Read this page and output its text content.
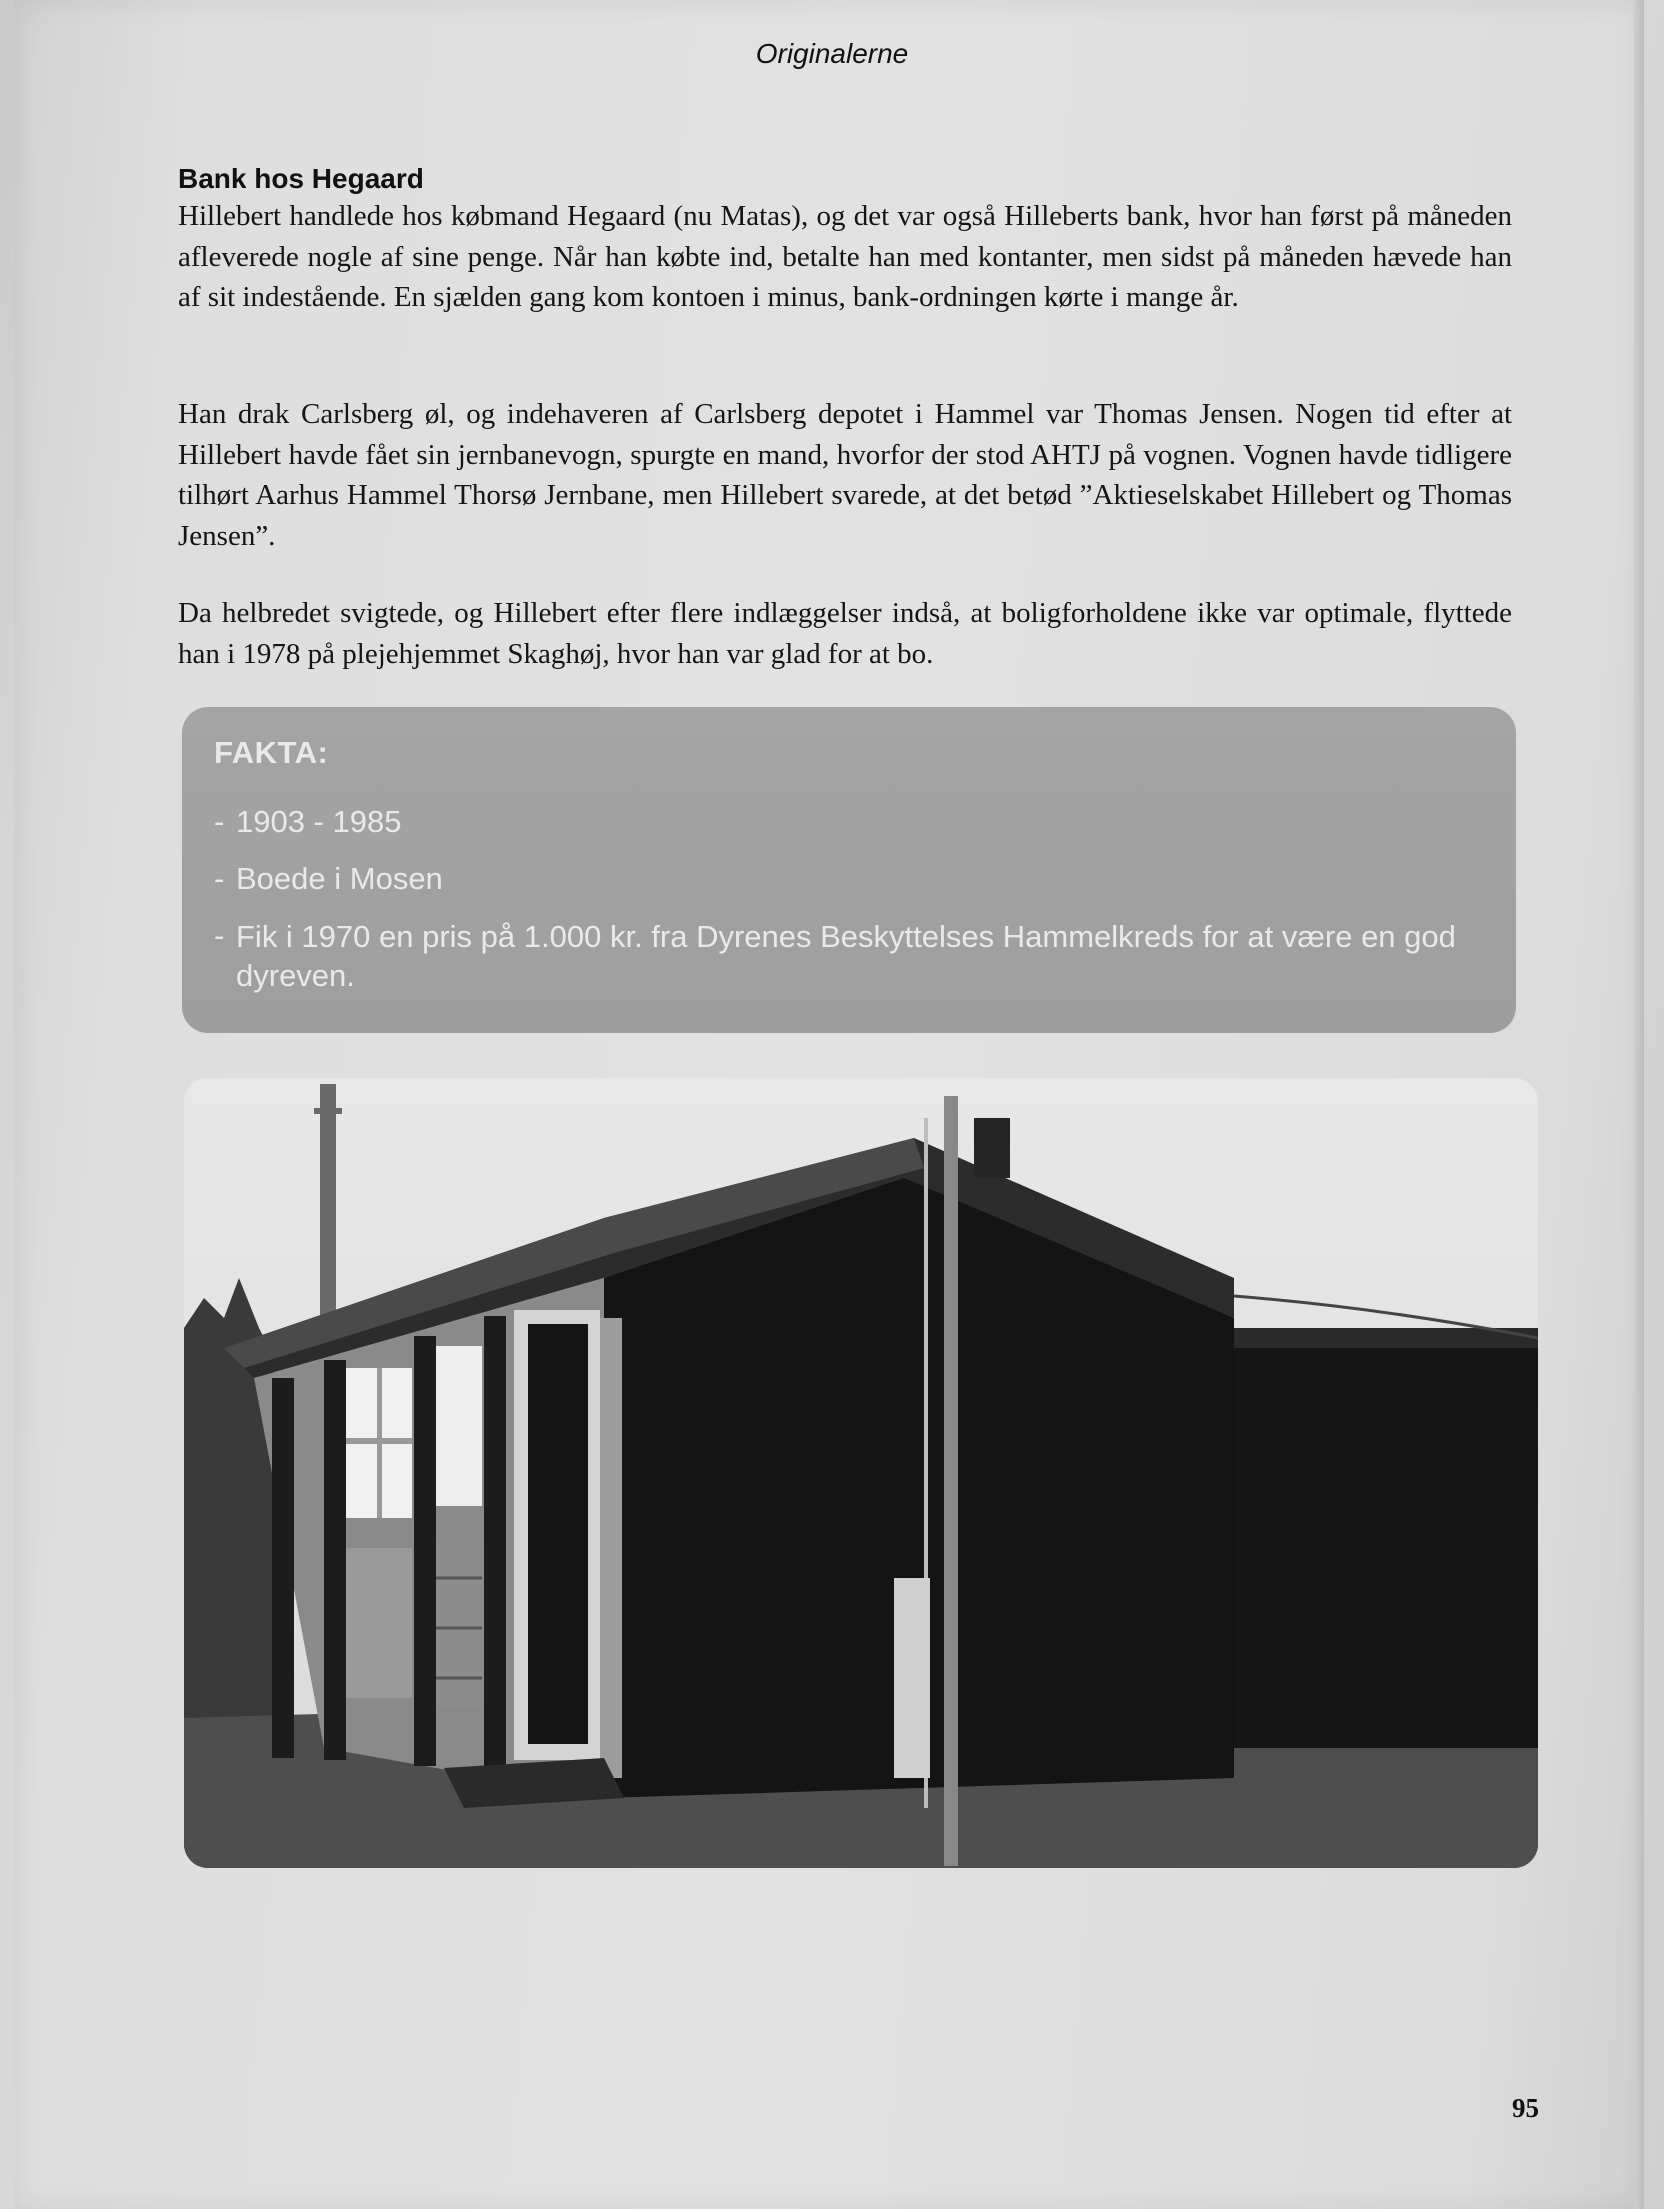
Originalerne
Bank hos Hegaard

Hillebert handlede hos købmand Hegaard (nu Matas), og det var også Hilleberts bank, hvor han først på måneden afleverede nogle af sine penge. Når han købte ind, betalte han med kontanter, men sidst på måneden hævede han af sit indestående. En sjælden gang kom kontoen i minus, bank-ordningen kørte i mange år.

Han drak Carlsberg øl, og indehaveren af Carlsberg depotet i Hammel var Thomas Jensen. Nogen tid efter at Hillebert havde fået sin jernbanevogn, spurgte en mand, hvorfor der stod AHTJ på vognen. Vognen havde tidligere tilhørt Aarhus Hammel Thorsø Jernbane, men Hillebert svarede, at det betød ”Aktieselskabet Hillebert og Thomas Jensen”.

Da helbredet svigtede, og Hillebert efter flere indlæggelser indså, at boligforholdene ikke var optimale, flyttede han i 1978 på plejehjemmet Skaghøj, hvor han var glad for at bo.

FAKTA:
- 1903 - 1985
- Boede i Mosen
- Fik i 1970 en pris på 1.000 kr. fra Dyrenes Beskyttelses Hammelkreds for at være en god dyreven.
95
